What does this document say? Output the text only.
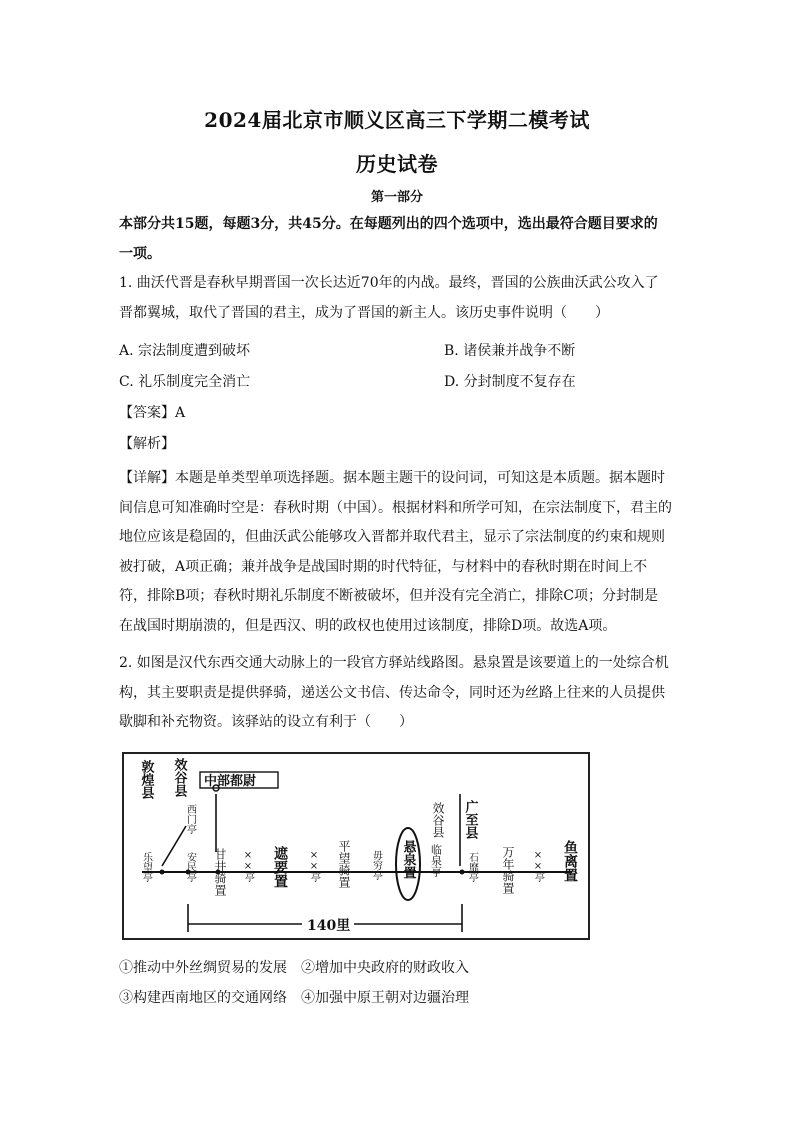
2024届北京市顺义区高三下学期二模考试
历史试卷
第一部分
本部分共15题，每题3分，共45分。在每题列出的四个选项中，选出最符合题目要求的
一项。
1. 曲沃代晋是春秋早期晋国一次长达近70年的内战。最终，晋国的公族曲沃武公攻入了
晋都翼城，取代了晋国的君主，成为了晋国的新主人。该历史事件说明（　　）
A. 宗法制度遭到破坏	B. 诸侯兼并战争不断
C. 礼乐制度完全消亡	D. 分封制度不复存在
【答案】A
【解析】
【详解】本题是单类型单项选择题。据本题主题干的设问词，可知这是本质题。据本题时
间信息可知准确时空是：春秋时期（中国）。根据材料和所学可知，在宗法制度下，君主的
地位应该是稳固的，但曲沃武公能够攻入晋都并取代君主，显示了宗法制度的约束和规则
被打破，A项正确；兼并战争是战国时期的时代特征，与材料中的春秋时期在时间上不
符，排除B项；春秋时期礼乐制度不断被破坏，但并没有完全消亡，排除C项；分封制是
在战国时期崩溃的，但是西汉、明的政权也使用过该制度，排除D项。故选A项。
2. 如图是汉代东西交通大动脉上的一段官方驿站线路图。悬泉置是该要道上的一处综合机
构，其主要职责是提供驿骑，递送公文书信、传达命令，同时还为丝路上往来的人员提供
歇脚和补充物资。该驿站的设立有利于（　　）
中部都尉
敦煌县 效谷县
西门亭
乐望亭	安民亭 甘井骑置 ××亭 遮要置 ××亭 平望骑置 毋穷亭 悬泉置
效谷县
临泉亭
广至县
石靡亭 万年骑置 ××亭 鱼离置
140里
①推动中外丝绸贸易的发展　②增加中央政府的财政收入
③构建西南地区的交通网络　④加强中原王朝对边疆治理
